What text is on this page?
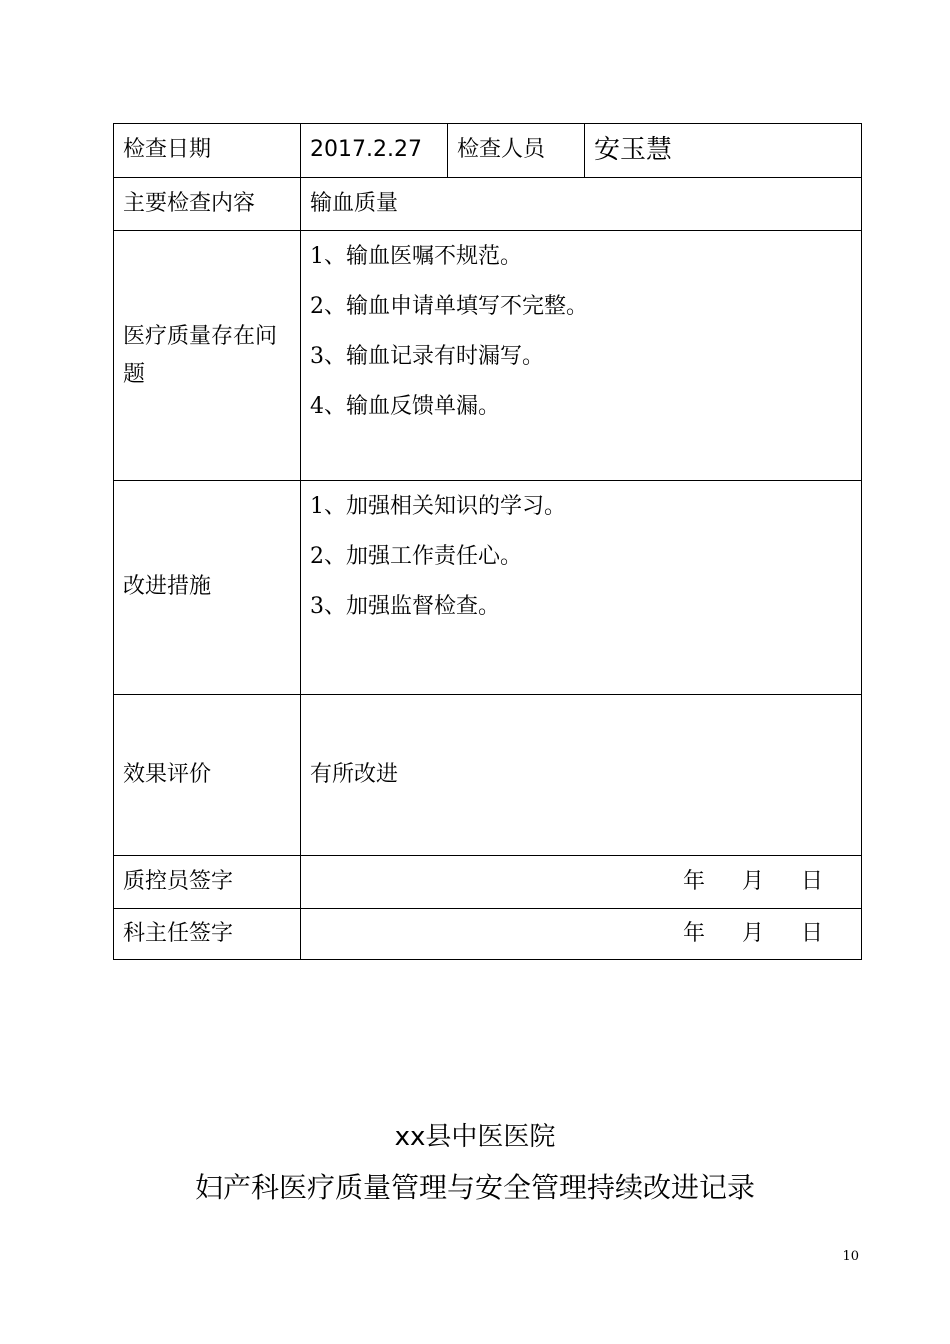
检查日期	2017.2.27	检查人员	安玉慧
主要检查内容	输血质量		
医疗质量存在问题	1、输血医嘱不规范。
2、输血申请单填写不完整。
3、输血记录有时漏写。
4、输血反馈单漏。		

改进措施	1、加强相关知识的学习。
2、加强工作责任心。
3、加强监督检查。		

效果评价	有所改进		
质控员签字	年 月 日		
科主任签字	年 月 日		
xx县中医医院
妇产科医疗质量管理与安全管理持续改进记录
10
